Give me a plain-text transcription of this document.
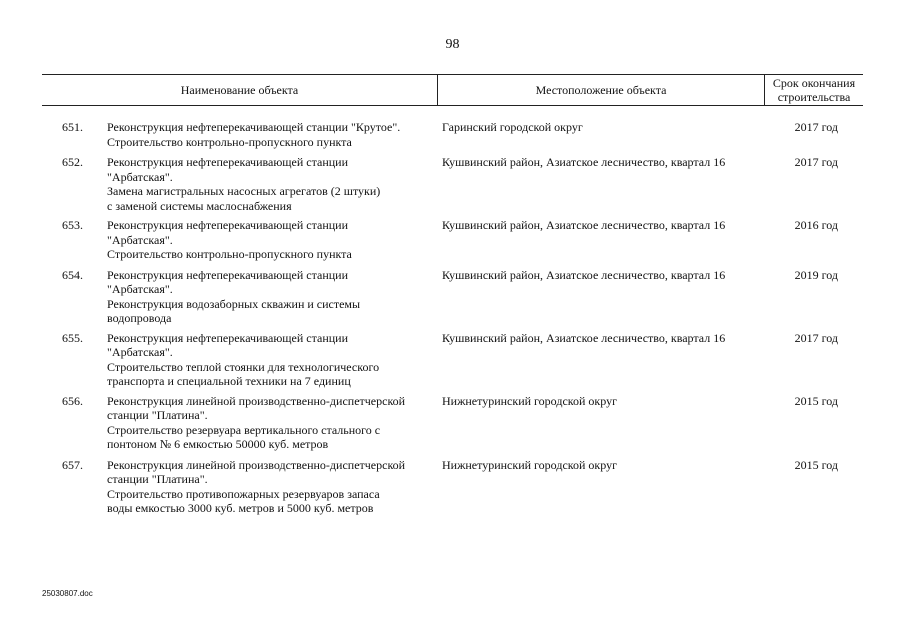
98
Наименование объекта	Местоположение объекта	Срок окончания
строительства
651.	Реконструкция нефтеперекачивающей станции "Крутое".
Строительство контрольно-пропускного пункта
Гаринский городской округ	2017 год
652.	Реконструкция нефтеперекачивающей станции
"Арбатская".
Замена магистральных насосных агрегатов (2 штуки)
с заменой системы маслоснабжения
Кушвинский район, Азиатское лесничество, квартал 16	2017 год
653.	Реконструкция нефтеперекачивающей станции
"Арбатская".
Строительство контрольно-пропускного пункта
Кушвинский район, Азиатское лесничество, квартал 16	2016 год
654.	Реконструкция нефтеперекачивающей станции
"Арбатская".
Реконструкция водозаборных скважин и системы
водопровода
Кушвинский район, Азиатское лесничество, квартал 16	2019 год
655.	Реконструкция нефтеперекачивающей станции
"Арбатская".
Строительство теплой стоянки для технологического
транспорта и специальной техники на 7 единиц
Кушвинский район, Азиатское лесничество, квартал 16	2017 год
656.	Реконструкция линейной производственно-диспетчерской
станции "Платина".
Строительство резервуара вертикального стального с
понтоном № 6 емкостью 50000 куб. метров
Нижнетуринский городской округ	2015 год
657.	Реконструкция линейной производственно-диспетчерской
станции "Платина".
Строительство противопожарных резервуаров запаса
воды емкостью 3000 куб. метров и 5000 куб. метров
Нижнетуринский городской округ	2015 год
25030807.doc
